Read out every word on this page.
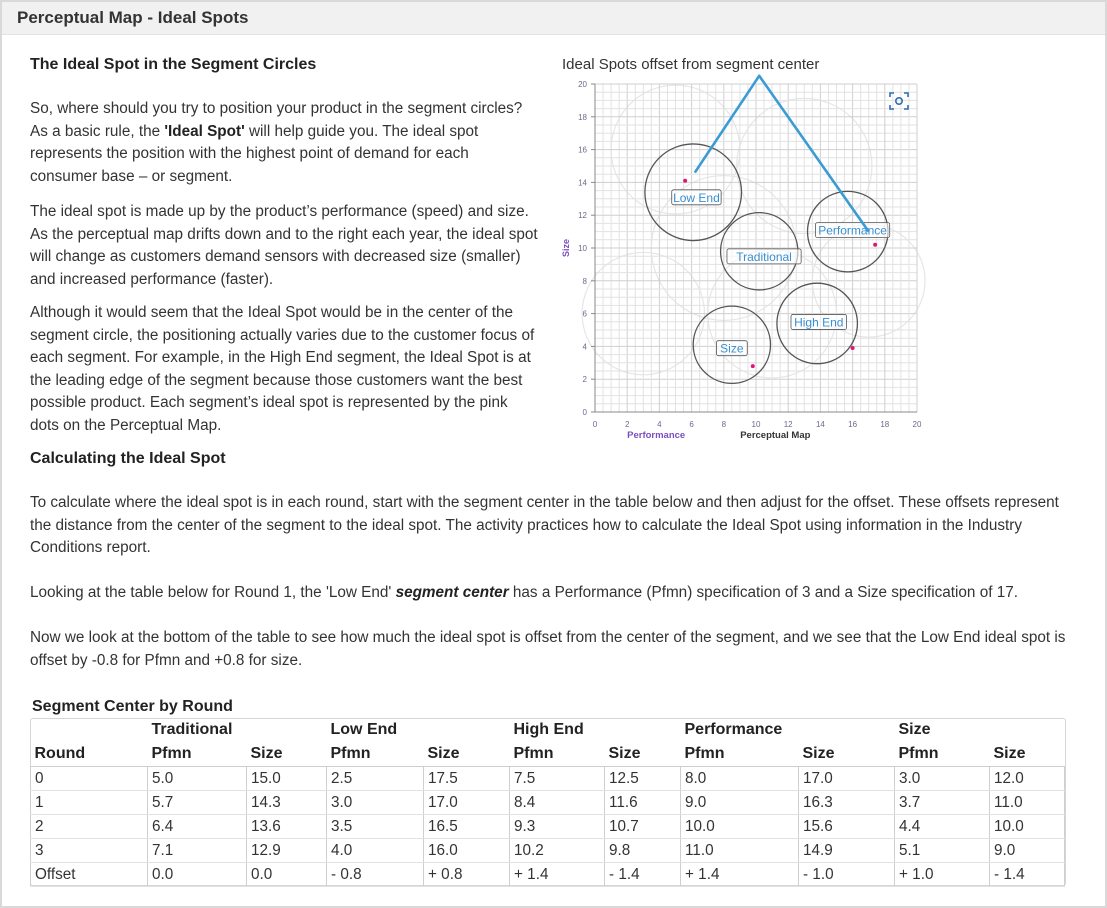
Perceptual Map - Ideal Spots
The Ideal Spot in the Segment Circles
So, where should you try to position your product in the segment circles? As a basic rule, the 'Ideal Spot' will help guide you. The ideal spot represents the position with the highest point of demand for each consumer base – or segment.
The ideal spot is made up by the product’s performance (speed) and size. As the perceptual map drifts down and to the right each year, the ideal spot will change as customers demand sensors with decreased size (smaller) and increased performance (faster).
Although it would seem that the Ideal Spot would be in the center of the segment circle, the positioning actually varies due to the customer focus of each segment. For example, in the High End segment, the Ideal Spot is at the leading edge of the segment because those customers want the best possible product. Each segment’s ideal spot is represented by the pink dots on the Perceptual Map.
Calculating the Ideal Spot
Ideal Spots offset from segment center
0	2	4	6	8	10	12	14	16	18	20
0
2
4
6
8
10
12
14
16
18
20
Size
Performance	Perceptual Map
Low End
Traditional
Performance
High End
Size
To calculate where the ideal spot is in each round, start with the segment center in the table below and then adjust for the offset. These offsets represent the distance from the center of the segment to the ideal spot. The activity practices how to calculate the Ideal Spot using information in the Industry Conditions report.
Looking at the table below for Round 1, the 'Low End' segment center has a Performance (Pfmn) specification of 3 and a Size specification of 17.
Now we look at the bottom of the table to see how much the ideal spot is offset from the center of the segment, and we see that the Low End ideal spot is offset by -0.8 for Pfmn and +0.8 for size.
Segment Center by Round
	Traditional		Low End		High End		Performance		Size	
Round	Pfmn	Size	Pfmn	Size	Pfmn	Size	Pfmn	Size	Pfmn	Size
0	5.0	15.0	2.5	17.5	7.5	12.5	8.0	17.0	3.0	12.0
1	5.7	14.3	3.0	17.0	8.4	11.6	9.0	16.3	3.7	11.0
2	6.4	13.6	3.5	16.5	9.3	10.7	10.0	15.6	4.4	10.0
3	7.1	12.9	4.0	16.0	10.2	9.8	11.0	14.9	5.1	9.0
Offset	0.0	0.0	- 0.8	+ 0.8	+ 1.4	- 1.4	+ 1.4	- 1.0	+ 1.0	- 1.4
